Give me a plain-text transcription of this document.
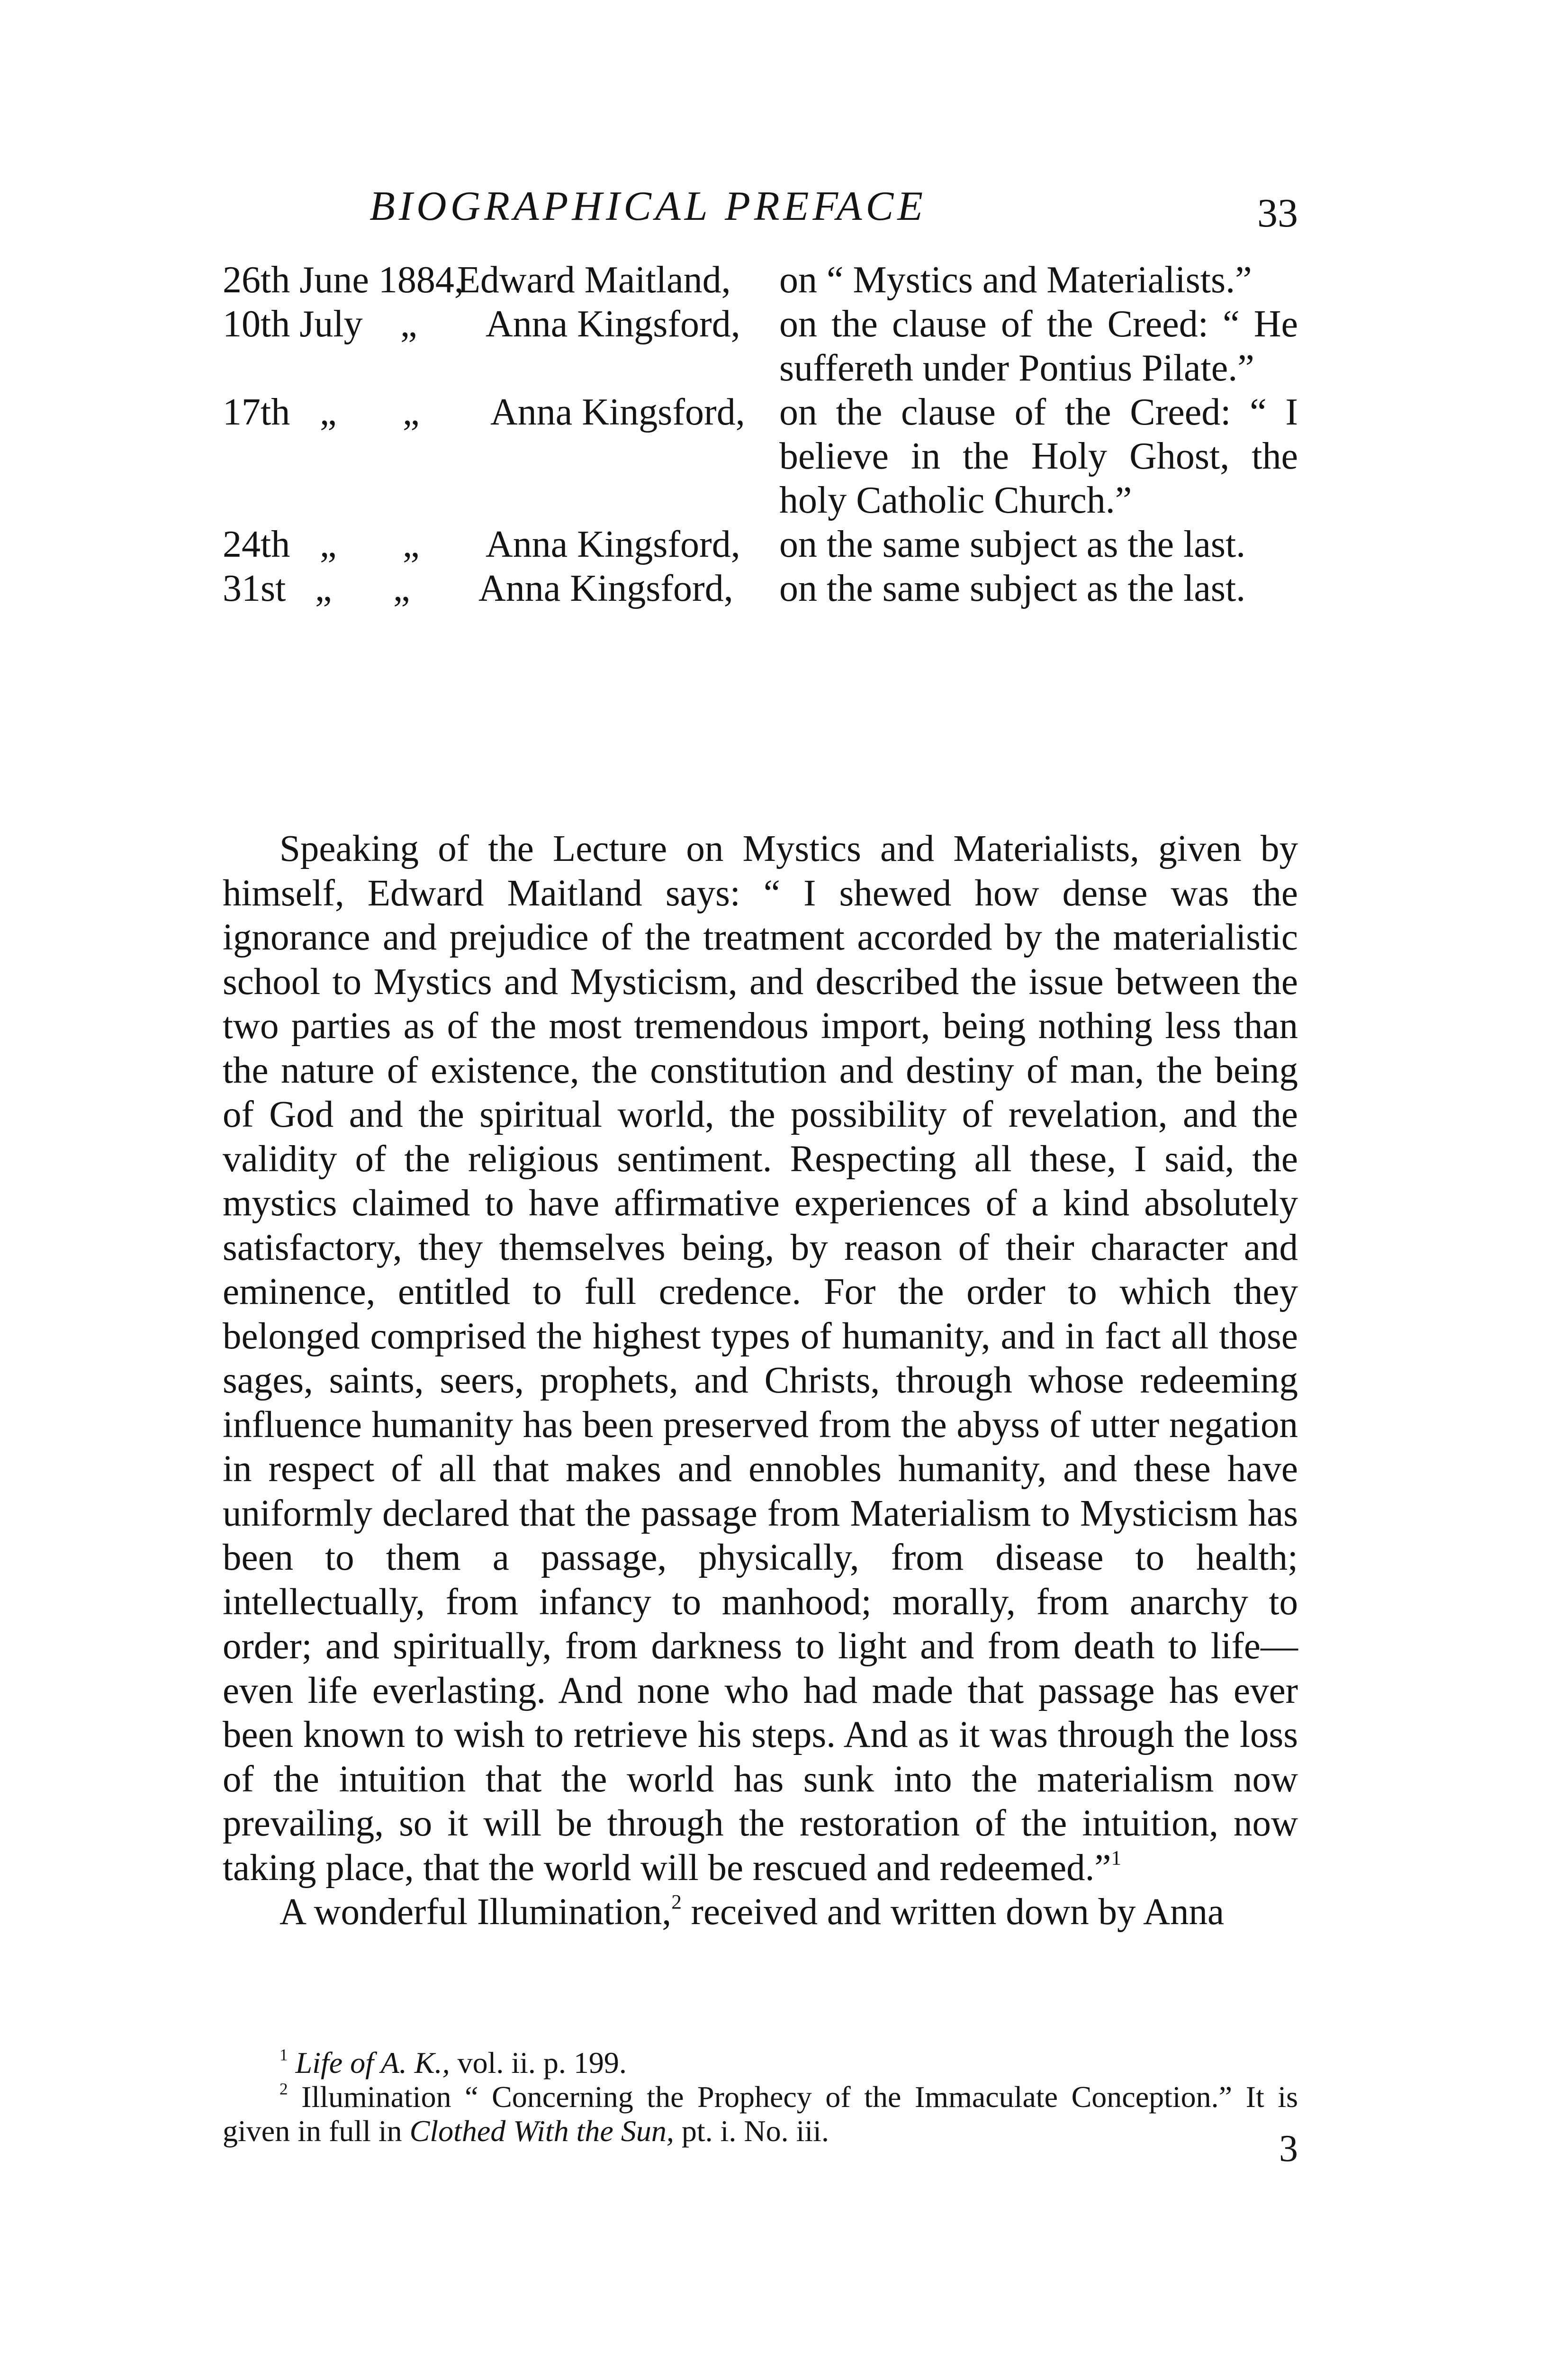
BIOGRAPHICAL PREFACE	33
26th June 1884,
Edward Maitland, on “ Mystics and Materialists.”
10th July „ Anna Kingsford, on the clause of the Creed: “ He suffereth under Pontius Pilate.”
17th „ „ Anna Kingsford, on the clause of the Creed: “ I believe in the Holy Ghost, the holy Catholic Church.”
24th „ „ Anna Kingsford, on the same subject as the last.
31st „ „ Anna Kingsford, on the same subject as the last.

Speaking of the Lecture on Mystics and Materialists, given by himself, Edward Maitland says: “ I shewed how dense was the ignorance and prejudice of the treatment accorded by the materialistic school to Mystics and Mysticism, and described the issue between the two parties as of the most tremendous import, being nothing less than the nature of existence, the constitution and destiny of man, the being of God and the spiritual world, the possibility of revelation, and the validity of the religious sentiment. Respecting all these, I said, the mystics claimed to have affirmative experiences of a kind absolutely satisfactory, they themselves being, by reason of their character and eminence, entitled to full credence. For the order to which they belonged comprised the highest types of humanity, and in fact all those sages, saints, seers, prophets, and Christs, through whose redeeming influence humanity has been preserved from the abyss of utter negation in respect of all that makes and ennobles humanity, and these have uniformly declared that the passage from Materialism to Mysticism has been to them a passage, physically, from disease to health; intellectually, from infancy to manhood; morally, from anarchy to order; and spiritually, from darkness to light and from death to life—even life everlasting. And none who had made that passage has ever been known to wish to retrieve his steps. And as it was through the loss of the intuition that the world has sunk into the materialism now prevailing, so it will be through the restoration of the intuition, now taking place, that the world will be rescued and redeemed.”$^1$

A wonderful Illumination,$^2$ received and written down by Anna

$^1$ Life of A. K., vol. ii. p. 199.

$^2$ Illumination “ Concerning the Prophecy of the Immaculate Conception.” It is given in full in Clothed With the Sun, pt. i. No. iii.	3
